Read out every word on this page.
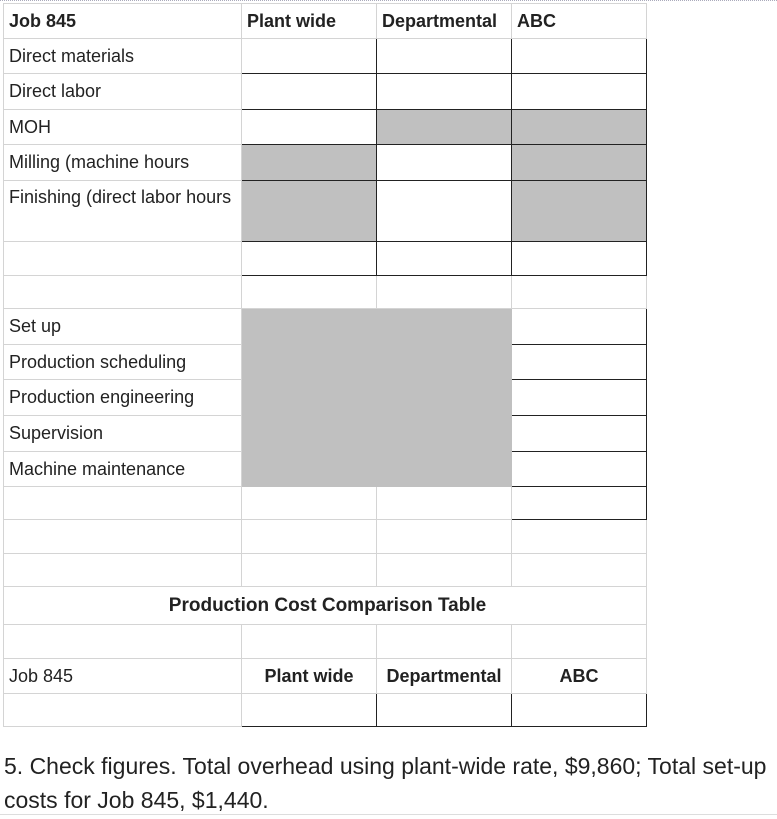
Job 845	Plant wide	Departmental	ABC
Direct materials			
Direct labor			
MOH			
Milling (machine hours			
Finishing (direct labor hours			

Set up			
Production scheduling			
Production engineering			
Supervision			
Machine maintenance			

Production Cost Comparison Table			

Job 845	Plant wide	Departmental	ABC

5. Check figures. Total overhead using plant-wide rate, $9,860; Total set-up costs for Job 845, $1,440.
